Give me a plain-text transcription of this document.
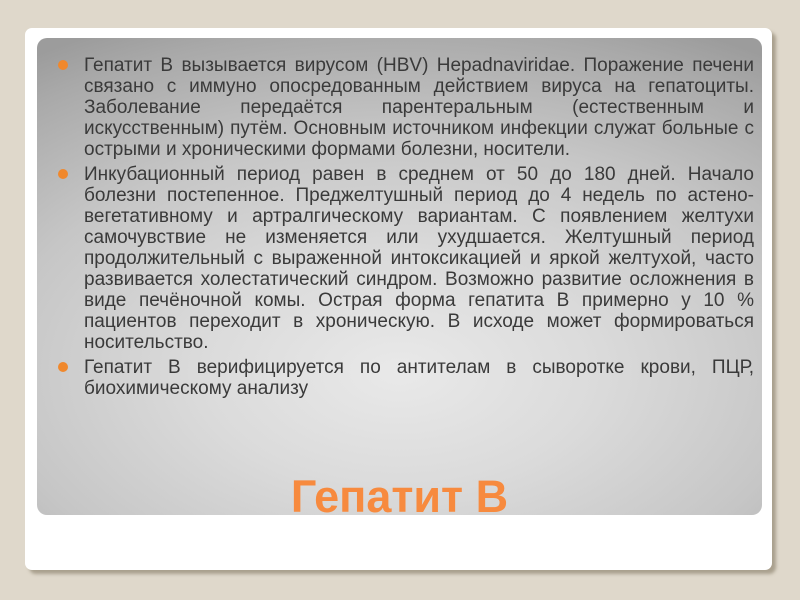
Гепатит В вызывается вирусом (HBV) Hepadnaviridae. Поражение печени связано с иммуно опосредованным действием вируса на гепатоциты. Заболевание передаётся парентеральным (естественным и искусственным) путём. Основным источником инфекции служат больные с острыми и хроническими формами болезни, носители.
Инкубационный период равен в среднем от 50 до 180 дней. Начало болезни постепенное. Преджелтушный период до 4 недель по астено-вегетативному и артралгическому вариантам. С появлением желтухи самочувствие не изменяется или ухудшается. Желтушный период продолжительный с выраженной интоксикацией и яркой желтухой, часто развивается холестатический синдром. Возможно развитие осложнения в виде печёночной комы. Острая форма гепатита В примерно у 10 % пациентов переходит в хроническую. В исходе может формироваться носительство.
Гепатит В верифицируется по антителам в сыворотке крови, ПЦР, биохимическому анализу
Гепатит В
